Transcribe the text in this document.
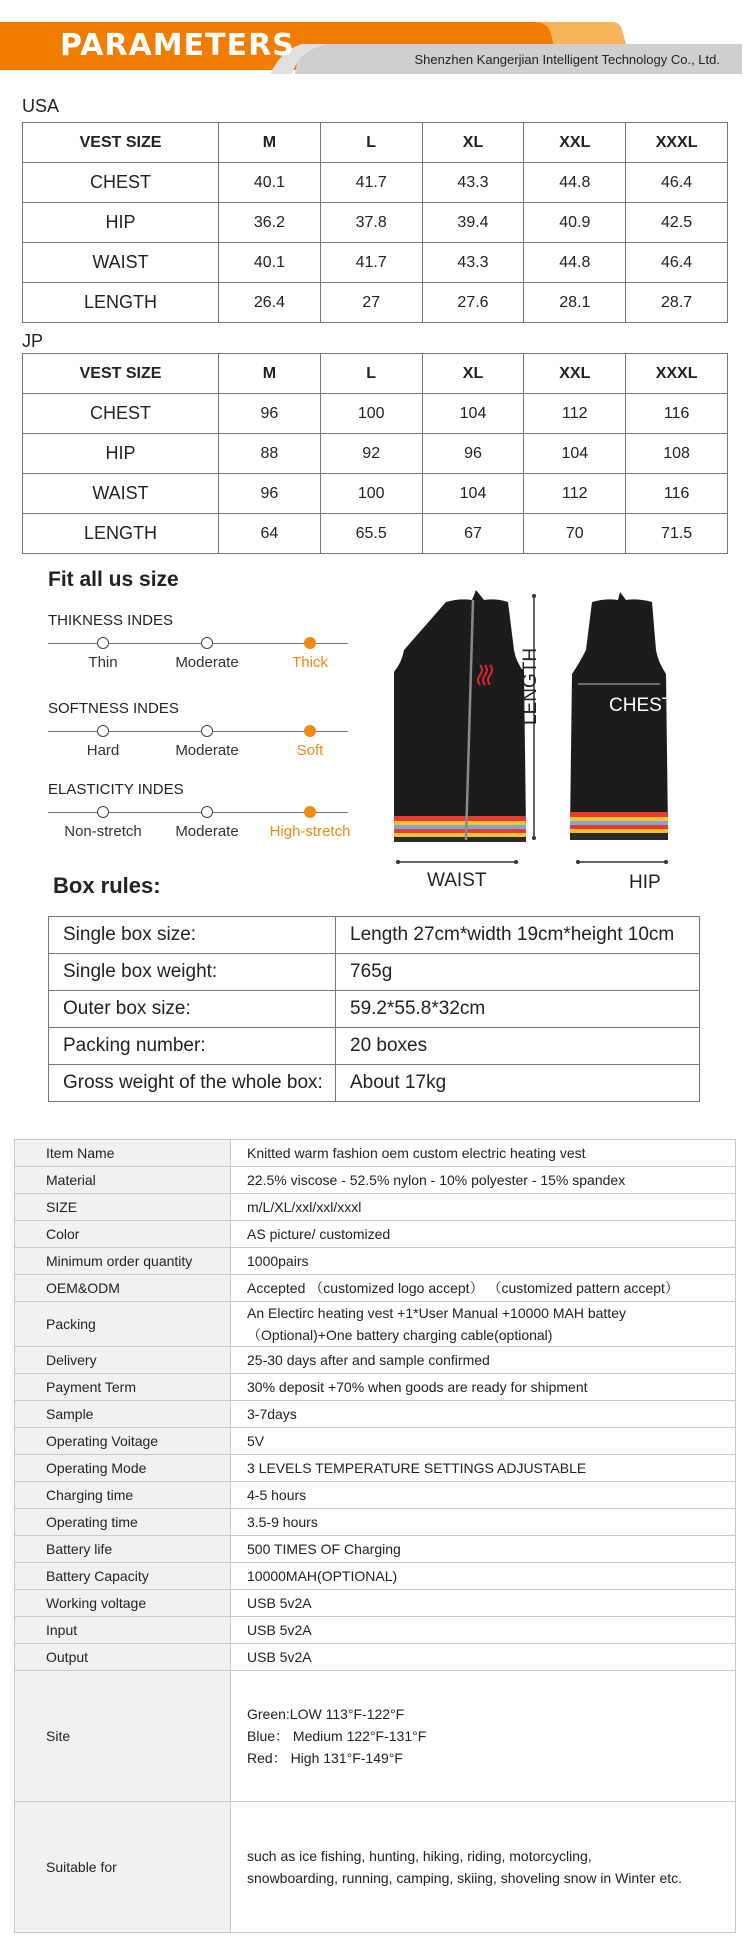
PARAMETERS	Shenzhen Kangerjian Intelligent Technology Co., Ltd.
USA
VEST SIZE	M	L	XL	XXL	XXXL
CHEST	40.1	41.7	43.3	44.8	46.4
HIP	36.2	37.8	39.4	40.9	42.5
WAIST	40.1	41.7	43.3	44.8	46.4
LENGTH	26.4	27	27.6	28.1	28.7
JP
VEST SIZE	M	L	XL	XXL	XXXL
CHEST	96	100	104	112	116
HIP	88	92	96	104	108
WAIST	96	100	104	112	116
LENGTH	64	65.5	67	70	71.5
Fit all us size
THIKNESS INDES
Thin	Moderate	Thick
SOFTNESS INDES
Hard	Moderate	Soft
ELASTICITY INDES
Non-stretch Moderate High-stretch
LENGTH	CHEST
WAIST	HIP
Box rules:
Single box size:	Length 27cm*width 19cm*height 10cm
Single box weight:	765g
Outer box size:	59.2*55.8*32cm
Packing number:	20 boxes
Gross weight of the whole box:	About 17kg
Item Name	Knitted warm fashion oem custom electric heating vest

Material	22.5% viscose - 52.5% nylon - 10% polyester - 15% spandex

SIZE	m/L/XL/xxl/xxl/xxxl

Color	AS picture/ customized

Minimum order quantity	1000pairs

OEM&ODM	Accepted （customized logo accept） （customized pattern accept）

Packing	An Electirc heating vest +1*User Manual +10000 MAH battey
（Optional)+One battery charging cable(optional)

Delivery	25-30 days after and sample confirmed

Payment Term	30% deposit +70% when goods are ready for shipment

Sample	3-7days

Operating Voitage	5V

Operating Mode	3 LEVELS TEMPERATURE SETTINGS ADJUSTABLE

Charging time	4-5 hours

Operating time	3.5-9 hours

Battery life	500 TIMES OF Charging

Battery Capacity	10000MAH(OPTIONAL)

Working voltage	USB 5v2A

Input	USB 5v2A

Output	USB 5v2A

Site	Green:LOW 113°F-122°F
Blue： Medium 122°F-131°F
Red： High 131°F-149°F

Suitable for	such as ice fishing, hunting, hiking, riding, motorcycling,
snowboarding, running, camping, skiing, shoveling snow in Winter etc.
